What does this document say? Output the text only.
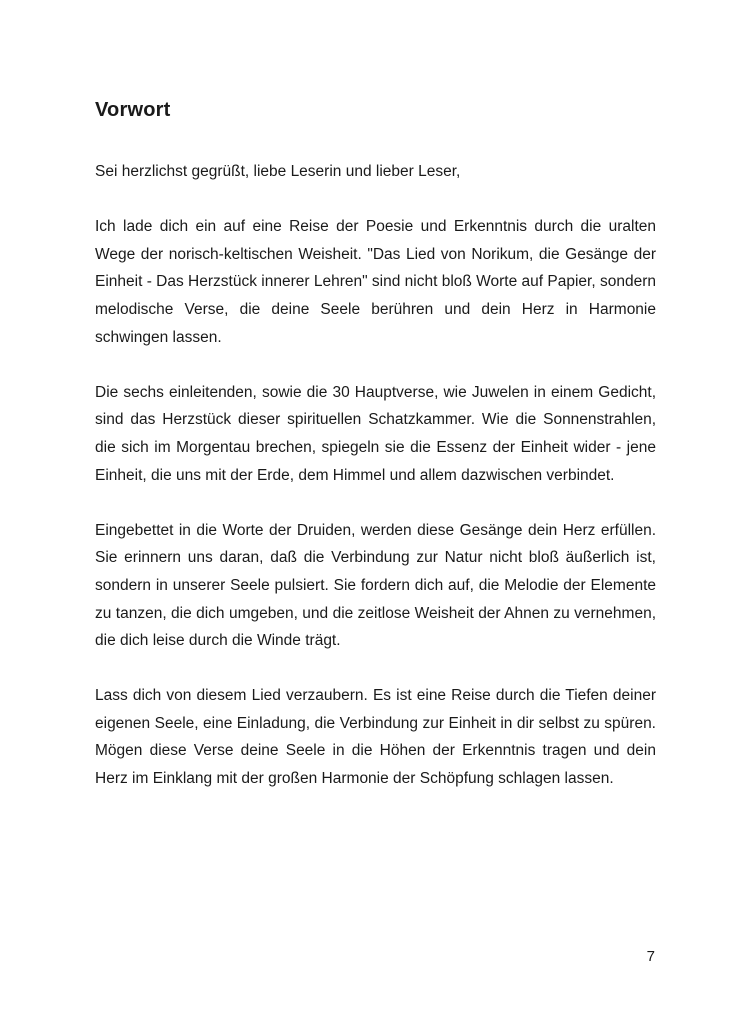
Vorwort

Sei herzlichst gegrüßt, liebe Leserin und lieber Leser,

Ich lade dich ein auf eine Reise der Poesie und Erkenntnis durch die uralten Wege der norisch-keltischen Weisheit. "Das Lied von Norikum, die Gesänge der Einheit - Das Herzstück innerer Lehren" sind nicht bloß Worte auf Papier, sondern melodische Verse, die deine Seele berühren und dein Herz in Harmonie schwingen lassen.

Die sechs einleitenden, sowie die 30 Hauptverse, wie Juwelen in einem Gedicht, sind das Herzstück dieser spirituellen Schatzkammer. Wie die Sonnenstrahlen, die sich im Morgentau brechen, spiegeln sie die Essenz der Einheit wider - jene Einheit, die uns mit der Erde, dem Himmel und allem dazwischen verbindet.

Eingebettet in die Worte der Druiden, werden diese Gesänge dein Herz erfüllen. Sie erinnern uns daran, daß die Verbindung zur Natur nicht bloß äußerlich ist, sondern in unserer Seele pulsiert. Sie fordern dich auf, die Melodie der Elemente zu tanzen, die dich umgeben, und die zeitlose Weisheit der Ahnen zu vernehmen, die dich leise durch die Winde trägt.

Lass dich von diesem Lied verzaubern. Es ist eine Reise durch die Tiefen deiner eigenen Seele, eine Einladung, die Verbindung zur Einheit in dir selbst zu spüren. Mögen diese Verse deine Seele in die Höhen der Erkenntnis tragen und dein Herz im Einklang mit der großen Harmonie der Schöpfung schlagen lassen.

7
